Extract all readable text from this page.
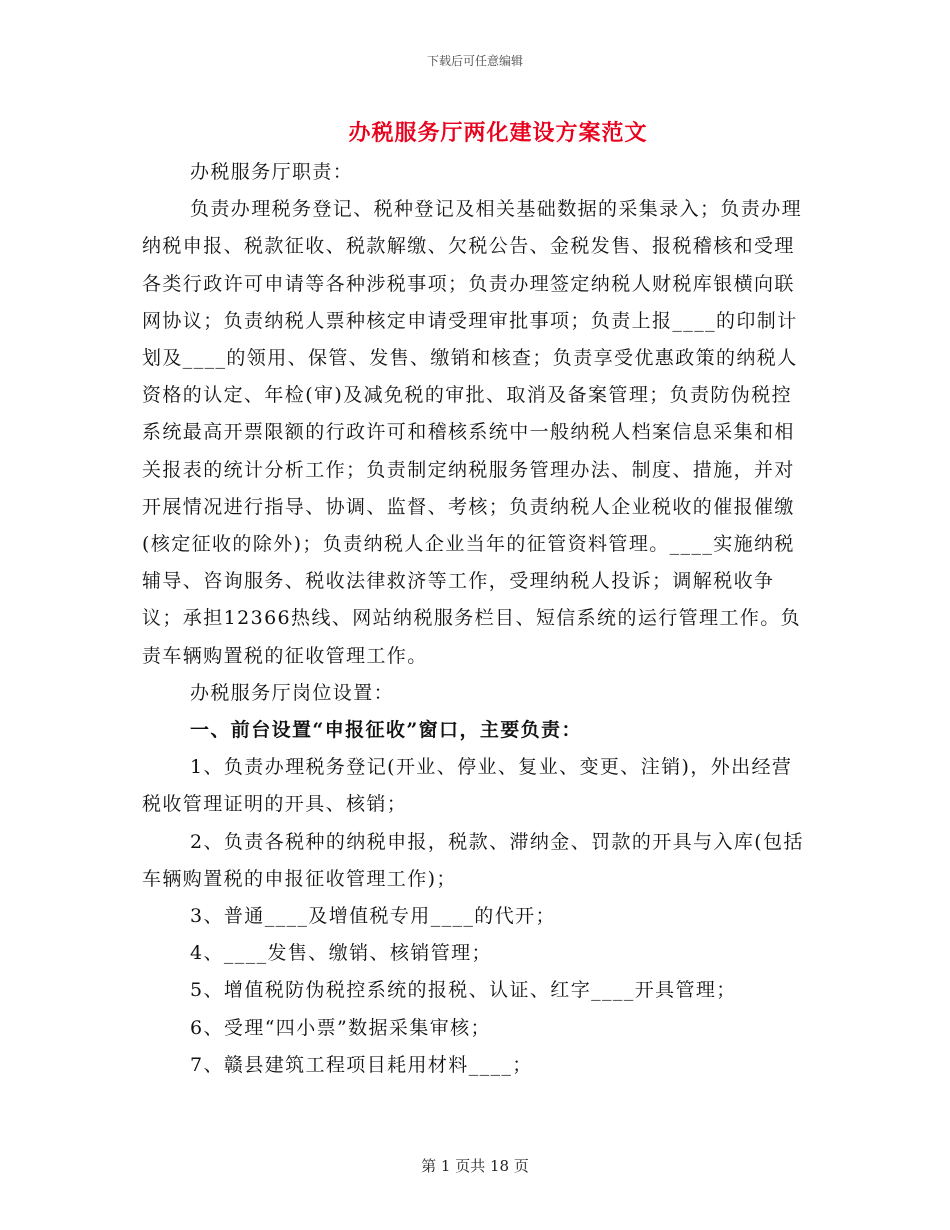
下载后可任意编辑
办税服务厅两化建设方案范文

办税服务厅职责：

负责办理税务登记、税种登记及相关基础数据的采集录入；负责办理纳税申报、税款征收、税款解缴、欠税公告、金税发售、报税稽核和受理各类行政许可申请等各种涉税事项；负责办理签定纳税人财税库银横向联网协议；负责纳税人票种核定申请受理审批事项；负责上报____的印制计划及____的领用、保管、发售、缴销和核查；负责享受优惠政策的纳税人资格的认定、年检(审)及减免税的审批、取消及备案管理；负责防伪税控系统最高开票限额的行政许可和稽核系统中一般纳税人档案信息采集和相关报表的统计分析工作；负责制定纳税服务管理办法、制度、措施，并对开展情况进行指导、协调、监督、考核；负责纳税人企业税收的催报催缴(核定征收的除外)；负责纳税人企业当年的征管资料管理。____实施纳税辅导、咨询服务、税收法律救济等工作，受理纳税人投诉；调解税收争议；承担12366热线、网站纳税服务栏目、短信系统的运行管理工作。负责车辆购置税的征收管理工作。

办税服务厅岗位设置：

一、前台设置“申报征收”窗口，主要负责：

1、负责办理税务登记(开业、停业、复业、变更、注销)，外出经营税收管理证明的开具、核销；

2、负责各税种的纳税申报，税款、滞纳金、罚款的开具与入库(包括车辆购置税的申报征收管理工作)；

3、普通____及增值税专用____的代开；

4、____发售、缴销、核销管理；

5、增值税防伪税控系统的报税、认证、红字____开具管理；

6、受理“四小票”数据采集审核；

7、赣县建筑工程项目耗用材料____；

第 1 页共 18 页
